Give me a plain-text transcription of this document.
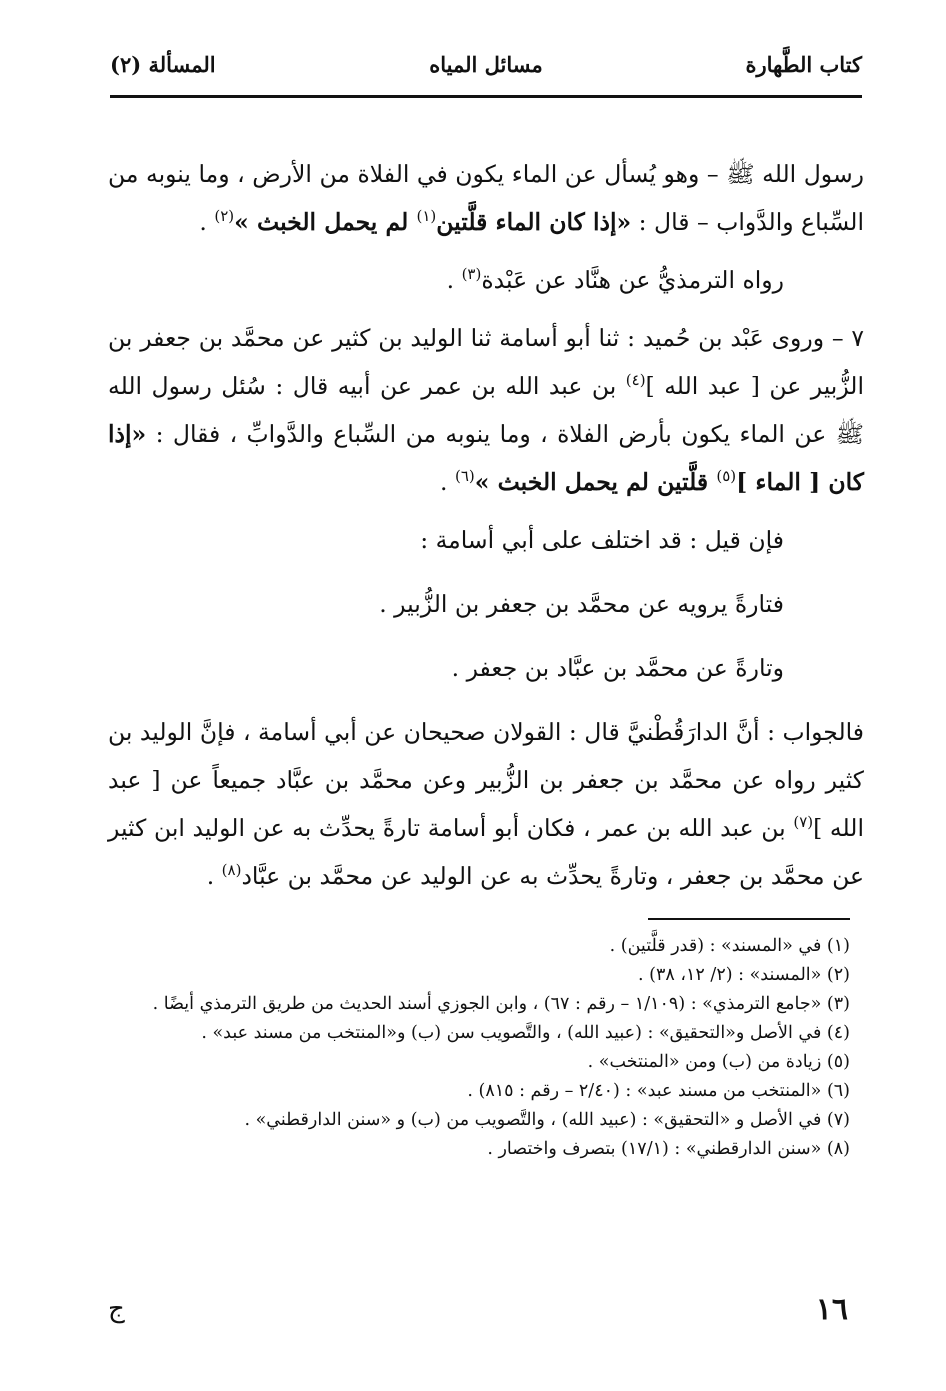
كتاب الطَّهارة
مسائل المياه
المسألة (٢)

رسول الله ﷺ – وهو يُسأل عن الماء يكون في الفلاة من الأرض ، وما ينوبه من السِّباع والدَّواب – قال : «إذا كان الماء قلَّتين$^{(١)}$ لم يحمل الخبث »$^{(٢)}$ .

رواه الترمذيُّ عن هنَّاد عن عَبْدة$^{(٣)}$ .

٧ – وروى عَبْد بن حُميد : ثنا أبو أسامة ثنا الوليد بن كثير عن محمَّد بن جعفر بن الزُّبير عن [ عبد الله ]$^{(٤)}$ بن عبد الله بن عمر عن أبيه قال : سُئل رسول الله ﷺ عن الماء يكون بأرض الفلاة ، وما ينوبه من السِّباع والدَّوابِّ ، فقال : «إذا كان [ الماء ]$^{(٥)}$ قلَّتين لم يحمل الخبث »$^{(٦)}$ .

فإن قيل : قد اختلف على أبي أسامة :

فتارةً يرويه عن محمَّد بن جعفر بن الزُّبير .

وتارةً عن محمَّد بن عبَّاد بن جعفر .

فالجواب : أنَّ الدارَقُطْنيَّ قال : القولان صحيحان عن أبي أسامة ، فإنَّ الوليد بن كثير رواه عن محمَّد بن جعفر بن الزُّبير وعن محمَّد بن عبَّاد جميعاً عن [ عبد الله ]$^{(٧)}$ بن عبد الله بن عمر ، فكان أبو أسامة تارةً يحدِّث به عن الوليد ابن كثير عن محمَّد بن جعفر ، وتارةً يحدِّث به عن الوليد عن محمَّد بن عبَّاد$^{(٨)}$ .

(١) في «المسند» : (قدر قلَّتين) .

(٢) «المسند» : (٢/ ١٢، ٣٨) .

(٣) «جامع الترمذي» : (١/١٠٩ – رقم : ٦٧) ، وابن الجوزي أسند الحديث من طريق الترمذي أيضًا .

(٤) في الأصل و«التحقيق» : (عبيد الله) ، والتَّصويب سن (ب) و«المنتخب من مسند عبد» .

(٥) زيادة من (ب) ومن «المنتخب» .

(٦) «المنتخب من مسند عبد» : (٢/٤٠ – رقم : ٨١٥) .

(٧) في الأصل و «التحقيق» : (عبيد الله) ، والتَّصويب من (ب) و «سنن الدارقطني» .

(٨) «سنن الدارقطني» : (١٧/١) بتصرف واختصار .

١٦
ج
